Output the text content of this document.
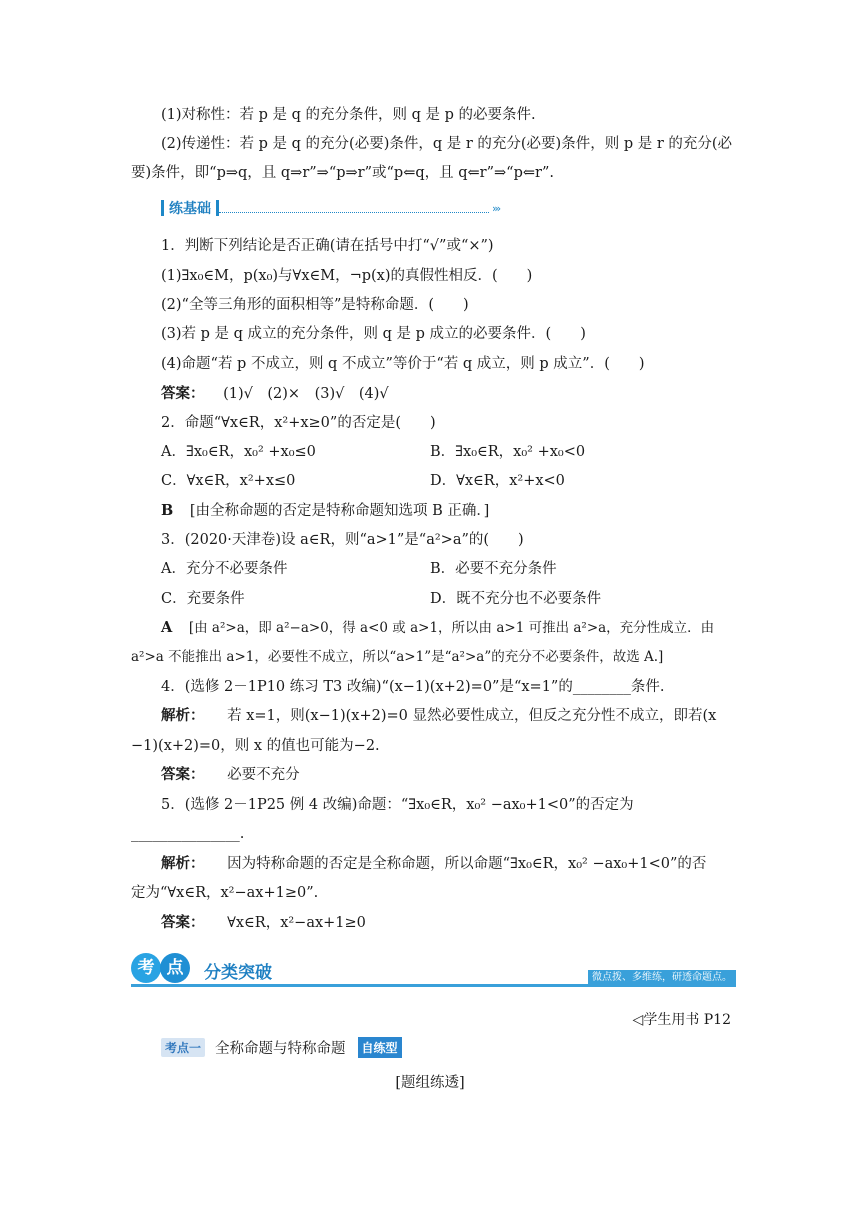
(1)对称性：若 p 是 q 的充分条件，则 q 是 p 的必要条件.
(2)传递性：若 p 是 q 的充分(必要)条件，q 是 r 的充分(必要)条件，则 p 是 r 的充分(必
要)条件，即“p⇒q，且 q⇒r”⇒“p⇒r”或“p⇐q，且 q⇐r”⇒“p⇐r”.
练基础	›››
1．判断下列结论是否正确(请在括号中打“√”或“×”)
(1)∃x₀∈M，p(x₀)与∀x∈M，¬p(x)的真假性相反．(　　)
(2)“全等三角形的面积相等”是特称命题．(　　)
(3)若 p 是 q 成立的充分条件，则 q 是 p 成立的必要条件．(　　)
(4)命题“若 p 不成立，则 q 不成立”等价于“若 q 成立，则 p 成立”．(　　)
答案： (1)√　(2)×　(3)√　(4)√
2．命题“∀x∈R，x²+x≥0”的否定是(　　)
A．∃x₀∈R，x₀² +x₀≤0	B．∃x₀∈R，x₀² +x₀<0
C．∀x∈R，x²+x≤0	D．∀x∈R，x²+x<0
B [由全称命题的否定是特称命题知选项 B 正确．]
3．(2020·天津卷)设 a∈R，则“a>1”是“a²>a”的(　　)
A．充分不必要条件	B．必要不充分条件
C．充要条件	D．既不充分也不必要条件
A [由 a²>a，即 a²−a>0，得 a<0 或 a>1，所以由 a>1 可推出 a²>a，充分性成立．由
a²>a 不能推出 a>1，必要性不成立，所以“a>1”是“a²>a”的充分不必要条件，故选 A.]
4．(选修 2－1P10 练习 T3 改编)“(x−1)(x+2)=0”是“x=1”的________条件.
解析： 若 x=1，则(x−1)(x+2)=0 显然必要性成立，但反之充分性不成立，即若(x
−1)(x+2)=0，则 x 的值也可能为−2.
答案： 必要不充分
5．(选修 2－1P25 例 4 改编)命题：“∃x₀∈R，x₀² −ax₀+1<0”的否定为
_______________.
解析： 因为特称命题的否定是全称命题，所以命题“∃x₀∈R，x₀² −ax₀+1<0”的否
定为“∀x∈R，x²−ax+1≥0”.
答案： ∀x∈R，x²−ax+1≥0
考 点	分类突破	微点拨、多维练，研透命题点。
◁学生用书 P12
考点一 全称命题与特称命题	自练型
[题组练透]
